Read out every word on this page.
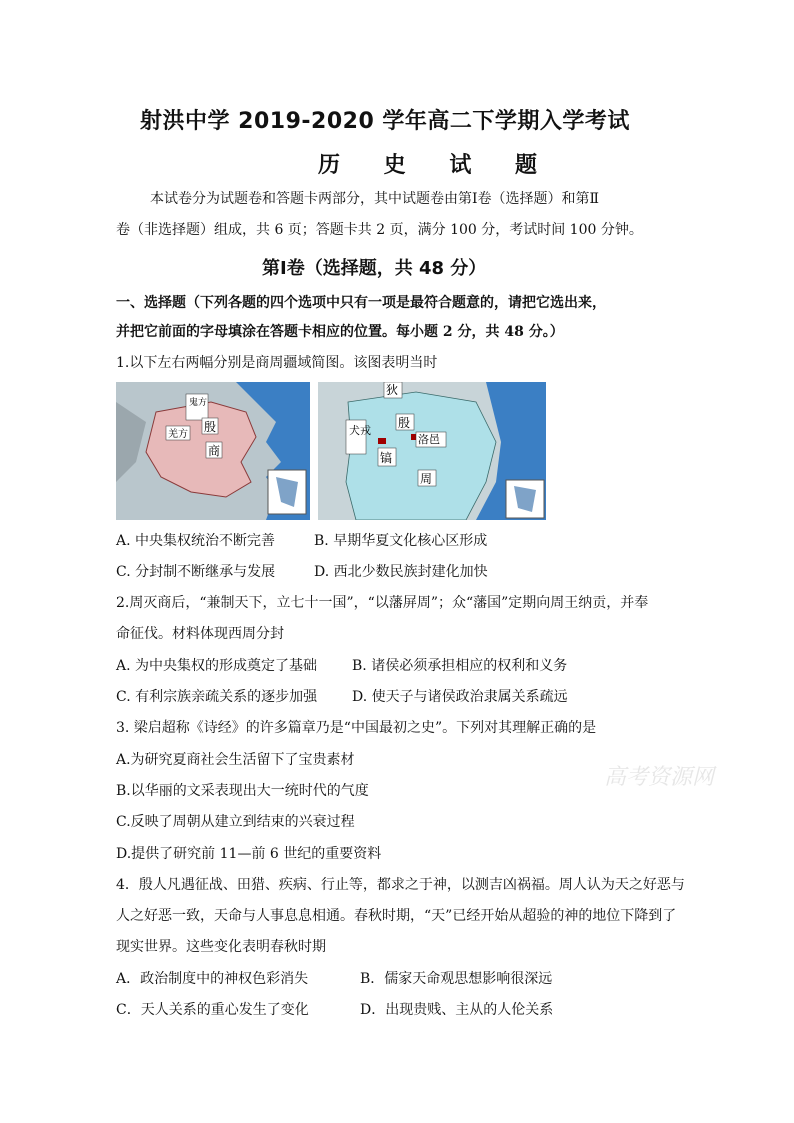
射洪中学 2019-2020 学年高二下学期入学考试
历 史 试 题
本试卷分为试题卷和答题卡两部分，其中试题卷由第Ⅰ卷（选择题）和第Ⅱ
卷（非选择题）组成，共 6 页；答题卡共 2 页，满分 100 分，考试时间 100 分钟。
第Ⅰ卷（选择题，共 48 分）
一、选择题（下列各题的四个选项中只有一项是最符合题意的，请把它选出来，
并把它前面的字母填涂在答题卡相应的位置。每小题 2 分，共 48 分。）
1.以下左右两幅分别是商周疆域简图。该图表明当时
鬼方
羌方
殷
商
狄
犬戎
殷
洛邑
镐
周
A. 中央集权统治不断完善	B. 早期华夏文化核心区形成
C. 分封制不断继承与发展	D. 西北少数民族封建化加快
2.周灭商后，“兼制天下，立七十一国”，“以藩屏周”；众“藩国”定期向周王纳贡，并奉
命征伐。材料体现西周分封
A. 为中央集权的形成奠定了基础 B. 诸侯必须承担相应的权利和义务
C. 有利宗族亲疏关系的逐步加强 D. 使天子与诸侯政治隶属关系疏远
3. 梁启超称《诗经》的许多篇章乃是“中国最初之史”。下列对其理解正确的是
A.为研究夏商社会生活留下了宝贵素材
B.以华丽的文采表现出大一统时代的气度
C.反映了周朝从建立到结束的兴衰过程
D.提供了研究前 11—前 6 世纪的重要资料
高考资源网
4．殷人凡遇征战、田猎、疾病、行止等，都求之于神，以测吉凶祸福。周人认为天之好恶与
人之好恶一致，天命与人事息息相通。春秋时期，“天”已经开始从超验的神的地位下降到了
现实世界。这些变化表明春秋时期
A．政治制度中的神权色彩消失	B．儒家天命观思想影响很深远
C．天人关系的重心发生了变化	D．出现贵贱、主从的人伦关系
